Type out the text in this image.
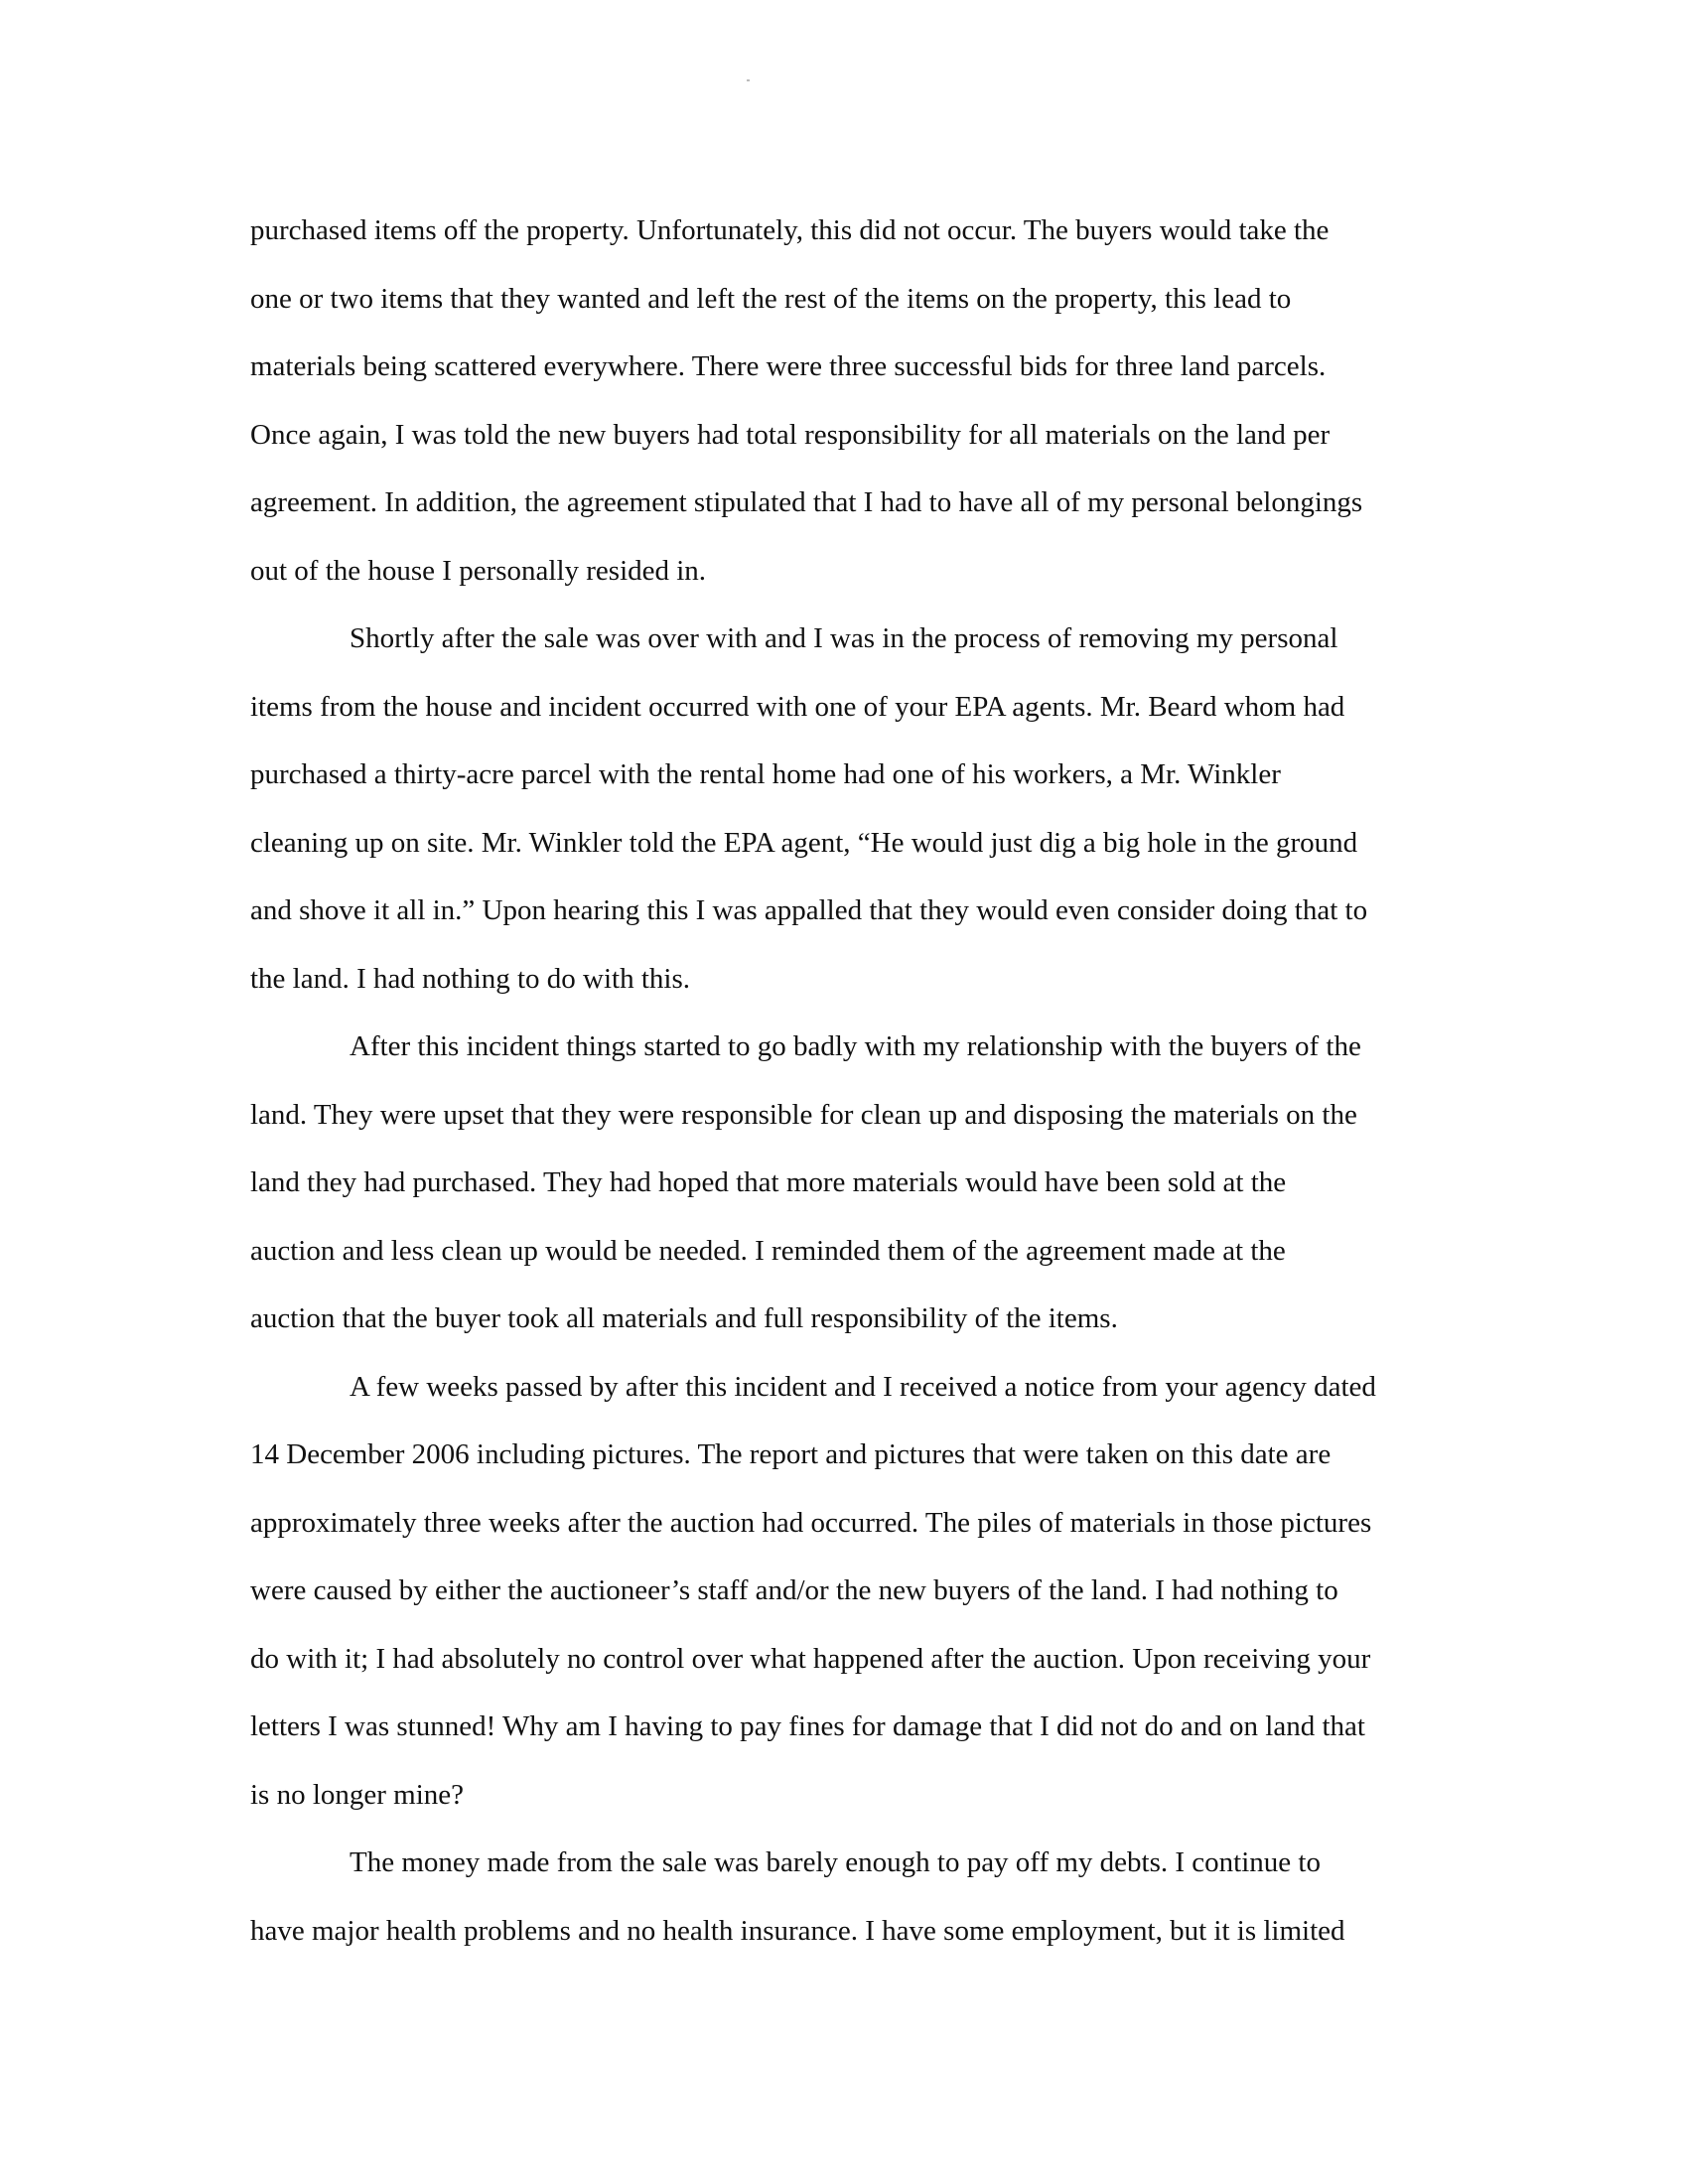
purchased items off the property. Unfortunately, this did not occur. The buyers would take the
one or two items that they wanted and left the rest of the items on the property, this lead to
materials being scattered everywhere. There were three successful bids for three land parcels.
Once again, I was told the new buyers had total responsibility for all materials on the land per
agreement. In addition, the agreement stipulated that I had to have all of my personal belongings
out of the house I personally resided in.
Shortly after the sale was over with and I was in the process of removing my personal
items from the house and incident occurred with one of your EPA agents. Mr. Beard whom had
purchased a thirty-acre parcel with the rental home had one of his workers, a Mr. Winkler
cleaning up on site. Mr. Winkler told the EPA agent, “He would just dig a big hole in the ground
and shove it all in.” Upon hearing this I was appalled that they would even consider doing that to
the land. I had nothing to do with this.
After this incident things started to go badly with my relationship with the buyers of the
land. They were upset that they were responsible for clean up and disposing the materials on the
land they had purchased. They had hoped that more materials would have been sold at the
auction and less clean up would be needed. I reminded them of the agreement made at the
auction that the buyer took all materials and full responsibility of the items.
A few weeks passed by after this incident and I received a notice from your agency dated
14 December 2006 including pictures. The report and pictures that were taken on this date are
approximately three weeks after the auction had occurred. The piles of materials in those pictures
were caused by either the auctioneer’s staff and/or the new buyers of the land. I had nothing to
do with it; I had absolutely no control over what happened after the auction. Upon receiving your
letters I was stunned! Why am I having to pay fines for damage that I did not do and on land that
is no longer mine?
The money made from the sale was barely enough to pay off my debts. I continue to
have major health problems and no health insurance. I have some employment, but it is limited
